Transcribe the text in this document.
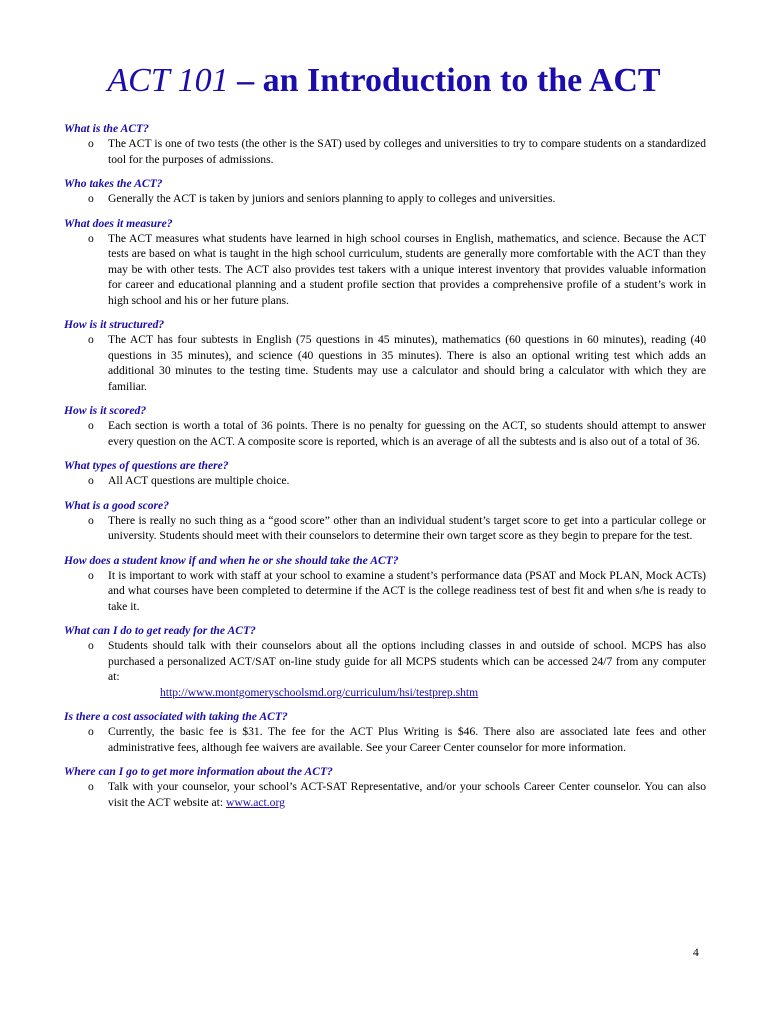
ACT 101 – an Introduction to the ACT
What is the ACT?
o The ACT is one of two tests (the other is the SAT) used by colleges and universities to try to compare students on a standardized tool for the purposes of admissions.
Who takes the ACT?
o Generally the ACT is taken by juniors and seniors planning to apply to colleges and universities.
What does it measure?
o The ACT measures what students have learned in high school courses in English, mathematics, and science. Because the ACT tests are based on what is taught in the high school curriculum, students are generally more comfortable with the ACT than they may be with other tests. The ACT also provides test takers with a unique interest inventory that provides valuable information for career and educational planning and a student profile section that provides a comprehensive profile of a student’s work in high school and his or her future plans.
How is it structured?
o The ACT has four subtests in English (75 questions in 45 minutes), mathematics (60 questions in 60 minutes), reading (40 questions in 35 minutes), and science (40 questions in 35 minutes). There is also an optional writing test which adds an additional 30 minutes to the testing time. Students may use a calculator and should bring a calculator with which they are familiar.
How is it scored?
o Each section is worth a total of 36 points. There is no penalty for guessing on the ACT, so students should attempt to answer every question on the ACT. A composite score is reported, which is an average of all the subtests and is also out of a total of 36.
What types of questions are there?
o All ACT questions are multiple choice.
What is a good score?
o There is really no such thing as a “good score” other than an individual student’s target score to get into a particular college or university. Students should meet with their counselors to determine their own target score as they begin to prepare for the test.
How does a student know if and when he or she should take the ACT?
o It is important to work with staff at your school to examine a student’s performance data (PSAT and Mock PLAN, Mock ACTs) and what courses have been completed to determine if the ACT is the college readiness test of best fit and when s/he is ready to take it.
What can I do to get ready for the ACT?
o Students should talk with their counselors about all the options including classes in and outside of school. MCPS has also purchased a personalized ACT/SAT on-line study guide for all MCPS students which can be accessed 24/7 from any computer at:
http://www.montgomeryschoolsmd.org/curriculum/hsi/testprep.shtm
Is there a cost associated with taking the ACT?
o Currently, the basic fee is $31. The fee for the ACT Plus Writing is $46. There also are associated late fees and other administrative fees, although fee waivers are available. See your Career Center counselor for more information.
Where can I go to get more information about the ACT?
o Talk with your counselor, your school’s ACT-SAT Representative, and/or your schools Career Center counselor. You can also visit the ACT website at: www.act.org
4
